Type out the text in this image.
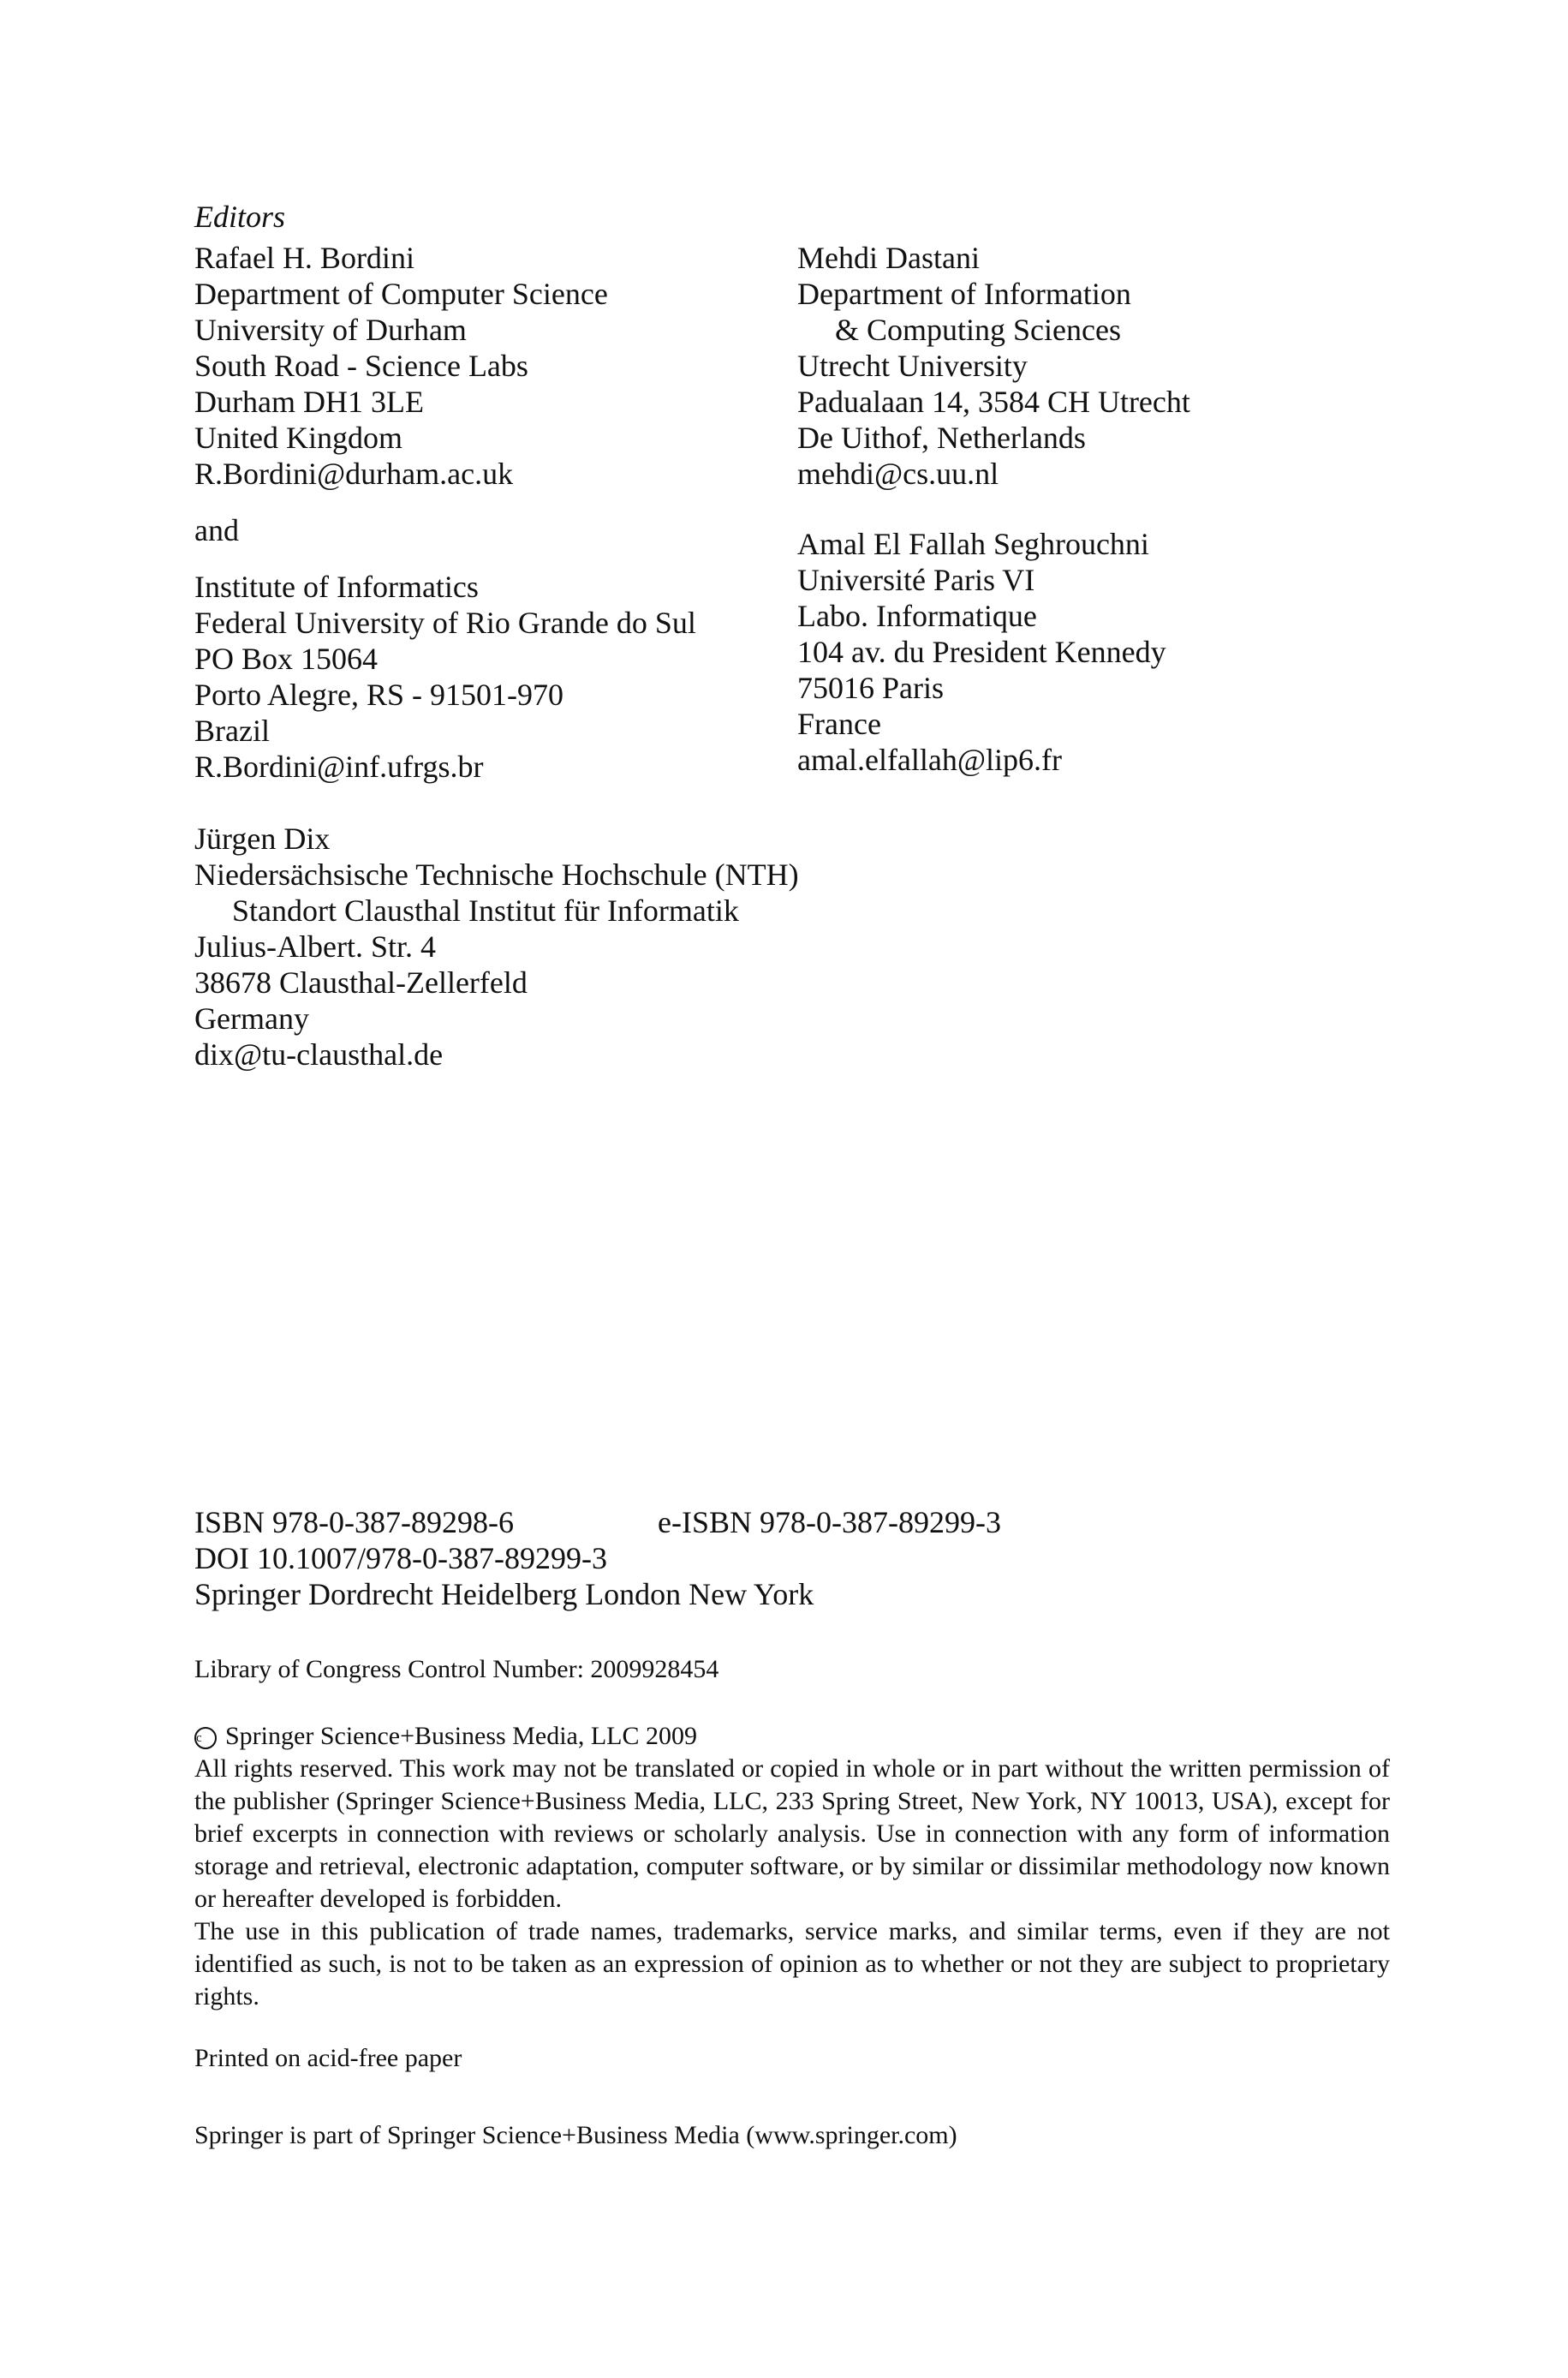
Editors
Rafael H. Bordini
Department of Computer Science
University of Durham
South Road - Science Labs
Durham DH1 3LE
United Kingdom
R.Bordini@durham.ac.uk
and
Institute of Informatics
Federal University of Rio Grande do Sul
PO Box 15064
Porto Alegre, RS - 91501-970
Brazil
R.Bordini@inf.ufrgs.br
Mehdi Dastani
Department of Information
& Computing Sciences
Utrecht University
Padualaan 14, 3584 CH Utrecht
De Uithof, Netherlands
mehdi@cs.uu.nl
Amal El Fallah Seghrouchni
Université Paris VI
Labo. Informatique
104 av. du President Kennedy
75016 Paris
France
amal.elfallah@lip6.fr
Jürgen Dix
Niedersächsische Technische Hochschule (NTH)
Standort Clausthal Institut für Informatik
Julius-Albert. Str. 4
38678 Clausthal-Zellerfeld
Germany
dix@tu-clausthal.de
ISBN 978-0-387-89298-6	e-ISBN 978-0-387-89299-3
DOI 10.1007/978-0-387-89299-3
Springer Dordrecht Heidelberg London New York
Library of Congress Control Number: 2009928454

c Springer Science+Business Media, LLC 2009

All rights reserved. This work may not be translated or copied in whole or in part without the written permission of the publisher (Springer Science+Business Media, LLC, 233 Spring Street, New York, NY 10013, USA), except for brief excerpts in connection with reviews or scholarly analysis. Use in connection with any form of information storage and retrieval, electronic adaptation, computer software, or by similar or dissimilar methodology now known or hereafter developed is forbidden.

The use in this publication of trade names, trademarks, service marks, and similar terms, even if they are not identified as such, is not to be taken as an expression of opinion as to whether or not they are subject to proprietary rights.

Printed on acid-free paper
Springer is part of Springer Science+Business Media (www.springer.com)
